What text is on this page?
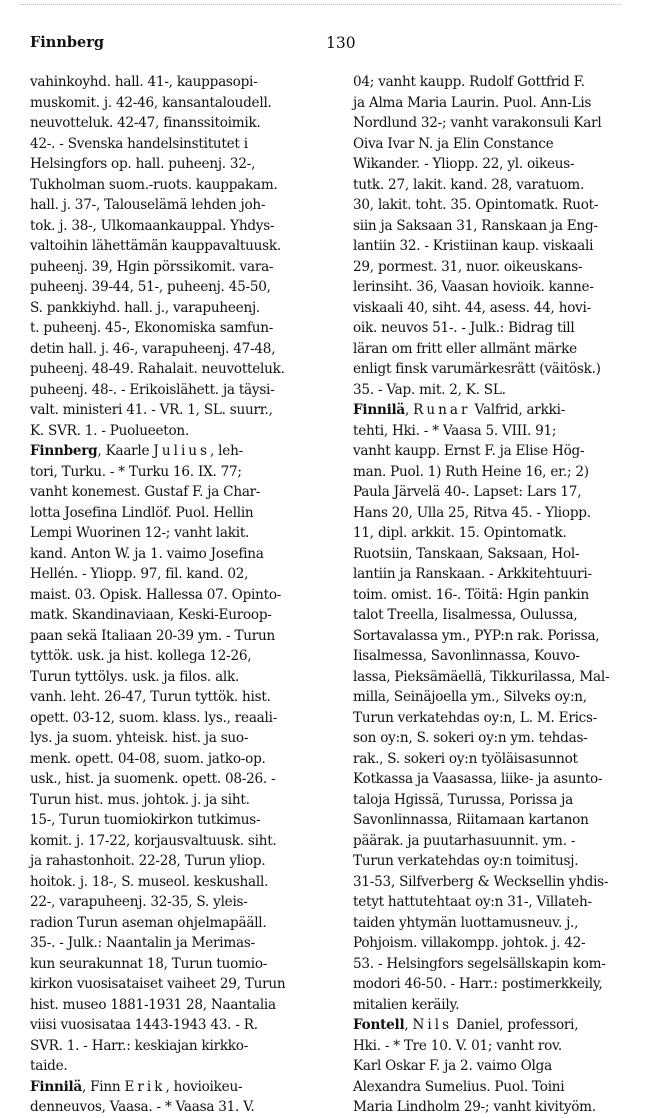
Finnberg	130
vahinkoyhd. hall. 41-, kauppasopi-
muskomit. j. 42-46, kansantaloudell.
neuvotteluk. 42-47, finanssitoimik.
42-. - Svenska handelsinstitutet i
Helsingfors op. hall. puheenj. 32-,
Tukholman suom.-ruots. kauppakam.
hall. j. 37-, Talouselämä lehden joh-
tok. j. 38-, Ulkomaankauppal. Yhdys-
valtoihin lähettämän kauppavaltuusk.
puheenj. 39, Hgin pörssikomit. vara-
puheenj. 39-44, 51-, puheenj. 45-50,
S. pankkiyhd. hall. j., varapuheenj.
t. puheenj. 45-, Ekonomiska samfun-
detin hall. j. 46-, varapuheenj. 47-48,
puheenj. 48-49. Rahalait. neuvotteluk.
puheenj. 48-. - Erikoislähett. ja täysi-
valt. ministeri 41. - VR. 1, SL. suurr.,
K. SVR. 1. - Puolueeton.
Finnberg, Kaarle Julius, leh-
tori, Turku. - * Turku 16. IX. 77;
vanht konemest. Gustaf F. ja Char-
lotta Josefina Lindlöf. Puol. Hellin
Lempi Wuorinen 12-; vanht lakit.
kand. Anton W. ja 1. vaimo Josefina
Hellén. - Yliopp. 97, fil. kand. 02,
maist. 03. Opisk. Hallessa 07. Opinto-
matk. Skandinaviaan, Keski-Euroop-
paan sekä Italiaan 20-39 ym. - Turun
tyttök. usk. ja hist. kollega 12-26,
Turun tyttölys. usk. ja filos. alk.
vanh. leht. 26-47, Turun tyttök. hist.
opett. 03-12, suom. klass. lys., reaali-
lys. ja suom. yhteisk. hist. ja suo-
menk. opett. 04-08, suom. jatko-op.
usk., hist. ja suomenk. opett. 08-26. -
Turun hist. mus. johtok. j. ja siht.
15-, Turun tuomiokirkon tutkimus-
komit. j. 17-22, korjausvaltuusk. siht.
ja rahastonhoit. 22-28, Turun yliop.
hoitok. j. 18-, S. museol. keskushall.
22-, varapuheenj. 32-35, S. yleis-
radion Turun aseman ohjelmapääll.
35-. - Julk.: Naantalin ja Merimas-
kun seurakunnat 18, Turun tuomio-
kirkon vuosisataiset vaiheet 29, Turun
hist. museo 1881-1931 28, Naantalia
viisi vuosisataa 1443-1943 43. - R.
SVR. 1. - Harr.: keskiajan kirkko-
taide.
Finnilä, Finn Erik, hovioikeu-
denneuvos, Vaasa. - * Vaasa 31. V.
04; vanht kaupp. Rudolf Gottfrid F.
ja Alma Maria Laurin. Puol. Ann-Lis
Nordlund 32-; vanht varakonsuli Karl
Oiva Ivar N. ja Elin Constance
Wikander. - Yliopp. 22, yl. oikeus-
tutk. 27, lakit. kand. 28, varatuom.
30, lakit. toht. 35. Opintomatk. Ruot-
siin ja Saksaan 31, Ranskaan ja Eng-
lantiin 32. - Kristiinan kaup. viskaali
29, pormest. 31, nuor. oikeuskans-
lerinsiht. 36, Vaasan hovioik. kanne-
viskaali 40, siht. 44, asess. 44, hovi-
oik. neuvos 51-. - Julk.: Bidrag till
läran om fritt eller allmänt märke
enligt finsk varumärkesrätt (väitösk.)
35. - Vap. mit. 2, K. SL.
Finnilä, Runar Valfrid, arkki-
tehti, Hki. - * Vaasa 5. VIII. 91;
vanht kaupp. Ernst F. ja Elise Hög-
man. Puol. 1) Ruth Heine 16, er.; 2)
Paula Järvelä 40-. Lapset: Lars 17,
Hans 20, Ulla 25, Ritva 45. - Yliopp.
11, dipl. arkkit. 15. Opintomatk.
Ruotsiin, Tanskaan, Saksaan, Hol-
lantiin ja Ranskaan. - Arkkitehtuuri-
toim. omist. 16-. Töitä: Hgin pankin
talot Treella, Iisalmessa, Oulussa,
Sortavalassa ym., PYP:n rak. Porissa,
Iisalmessa, Savonlinnassa, Kouvo-
lassa, Pieksämäellä, Tikkurilassa, Mal-
milla, Seinäjoella ym., Silveks oy:n,
Turun verkatehdas oy:n, L. M. Erics-
son oy:n, S. sokeri oy:n ym. tehdas-
rak., S. sokeri oy:n työläisasunnot
Kotkassa ja Vaasassa, liike- ja asunto-
taloja Hgissä, Turussa, Porissa ja
Savonlinnassa, Riitamaan kartanon
päärak. ja puutarhasuunnit. ym. -
Turun verkatehdas oy:n toimitusj.
31-53, Silfverberg & Wecksellin yhdis-
tetyt hattutehtaat oy:n 31-, Villateh-
taiden yhtymän luottamusneuv. j.,
Pohjoism. villakompp. johtok. j. 42-
53. - Helsingfors segelsällskapin kom-
modori 46-50. - Harr.: postimerkkeily,
mitalien keräily.
Fontell, Nils Daniel, professori,
Hki. - * Tre 10. V. 01; vanht rov.
Karl Oskar F. ja 2. vaimo Olga
Alexandra Sumelius. Puol. Toini
Maria Lindholm 29-; vanht kivityöm.
